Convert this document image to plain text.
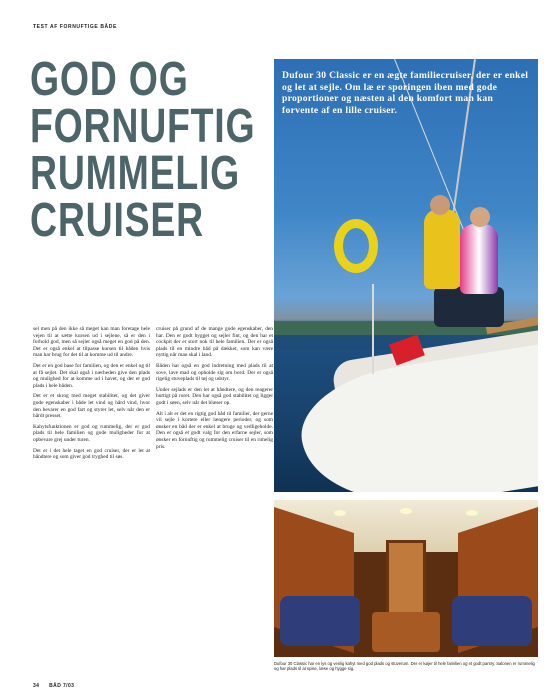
TEST AF FORNUFTIGE BÅDE
GOD OG
FORNUFTIG
RUMMELIG
CRUISER
Dufour 30 Classic er en ægte familiecruiser, der er enkel og let at sejle. Om læ er sporingen iben med gode proportioner og næsten al den komfort man kan forvente af en lille cruiser.

sel men på den ikke så meget kan man foretage hele vejen til at sætte kursen ud i sejlene, så er den i forhold god, men så sejler også meget en god på den. Det er også enkel at tilpasse kursen til båden hvis man har brug for det til at komme ud til andre.

Det er en god base for familien, og den er enkel og til at få sejlet. Det skal også i nærheden give den plads og mulighed for at komme ud i havet, og der er god plads i hele båden.

Det er et skrog med meget stabilitet, og det giver gode egenskaber i både let vind og hård vind, hvor den bevarer en god fart og styrer let, selv når den er hårdt presset.

Kahytsfunktionen er god og rummelig, der er god plads til hele familien og gode muligheder for at opbevare grej under turen.

Det er i det hele taget en god cruiser, der er let at håndtere og som giver god tryghed til søs.

cruiser på grund af de mange gode egenskaber, den har. Den er godt bygget og sejler fint, og den har et cockpit der er stort nok til hele familien. Der er også plads til en mindre båd på dækket, som kan være nyttig når man skal i land.

Båden har også en god indretning med plads til at sove, lave mad og opholde sig om bord. Der er også rigelig stuveplads til tøj og udstyr.

Under sejlads er den let at håndtere, og den reagerer hurtigt på roret. Den har også god stabilitet og ligger godt i søen, selv når det blæser op.

Alt i alt er det en rigtig god båd til familier, der gerne vil sejle i kortere eller længere perioder, og som ønsker en båd der er enkel at bruge og vedligeholde. Den er også et godt valg for den erfarne sejler, som ønsker en fornuftig og rummelig cruiser til en rimelig pris.

Dufour 30 Classic har en lys og venlig kahyt med god plads og stuverum. Der er køjer til hele familien og et godt pantry. Salonen er rummelig og har plads til at spise, læse og hygge sig.
34 BÅD 7/03
